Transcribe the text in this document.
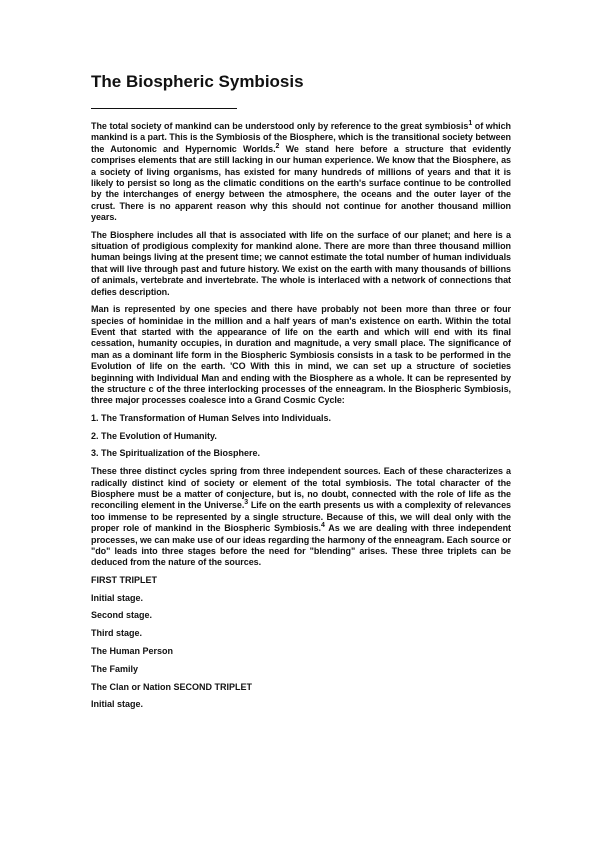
The Biospheric Symbiosis

The total society of mankind can be understood only by reference to the great symbiosis$^1$ of which mankind is a part. This is the Symbiosis of the Biosphere, which is the transitional society between the Autonomic and Hypernomic Worlds.$^2$ We stand here before a structure that evidently comprises elements that are still lacking in our human experience. We know that the Biosphere, as a society of living organisms, has existed for many hundreds of millions of years and that it is likely to persist so long as the climatic conditions on the earth's surface continue to be controlled by the interchanges of energy between the atmosphere, the oceans and the outer layer of the crust. There is no apparent reason why this should not continue for another thousand million years.

The Biosphere includes all that is associated with life on the surface of our planet; and here is a situation of prodigious complexity for mankind alone. There are more than three thousand million human beings living at the present time; we cannot estimate the total number of human individuals that will live through past and future history. We exist on the earth with many thousands of billions of animals, vertebrate and invertebrate. The whole is interlaced with a network of connections that defies description.

Man is represented by one species and there have probably not been more than three or four species of hominidae in the million and a half years of man's existence on earth. Within the total Event that started with the appearance of life on the earth and which will end with its final cessation, humanity occupies, in duration and magnitude, a very small place. The significance of man as a dominant life form in the Biospheric Symbiosis consists in a task to be performed in the Evolution of life on the earth. 'CO With this in mind, we can set up a structure of societies beginning with Individual Man and ending with the Biosphere as a whole. It can be represented by the structure c of the three interlocking processes of the enneagram. In the Biospheric Symbiosis, three major processes coalesce into a Grand Cosmic Cycle:

1. The Transformation of Human Selves into Individuals.
2. The Evolution of Humanity.
3. The Spiritualization of the Biosphere.

These three distinct cycles spring from three independent sources. Each of these characterizes a radically distinct kind of society or element of the total symbiosis. The total character of the Biosphere must be a matter of conjecture, but is, no doubt, connected with the role of life as the reconciling element in the Universe.$^3$ Life on the earth presents us with a complexity of relevances too immense to be represented by a single structure. Because of this, we will deal only with the proper role of mankind in the Biospheric Symbiosis.$^4$ As we are dealing with three independent processes, we can make use of our ideas regarding the harmony of the enneagram. Each source or "do" leads into three stages before the need for "blending" arises. These three triplets can be deduced from the nature of the sources.

FIRST TRIPLET
Initial stage.
Second stage.
Third stage.
The Human Person
The Family
The Clan or Nation SECOND TRIPLET
Initial stage.
